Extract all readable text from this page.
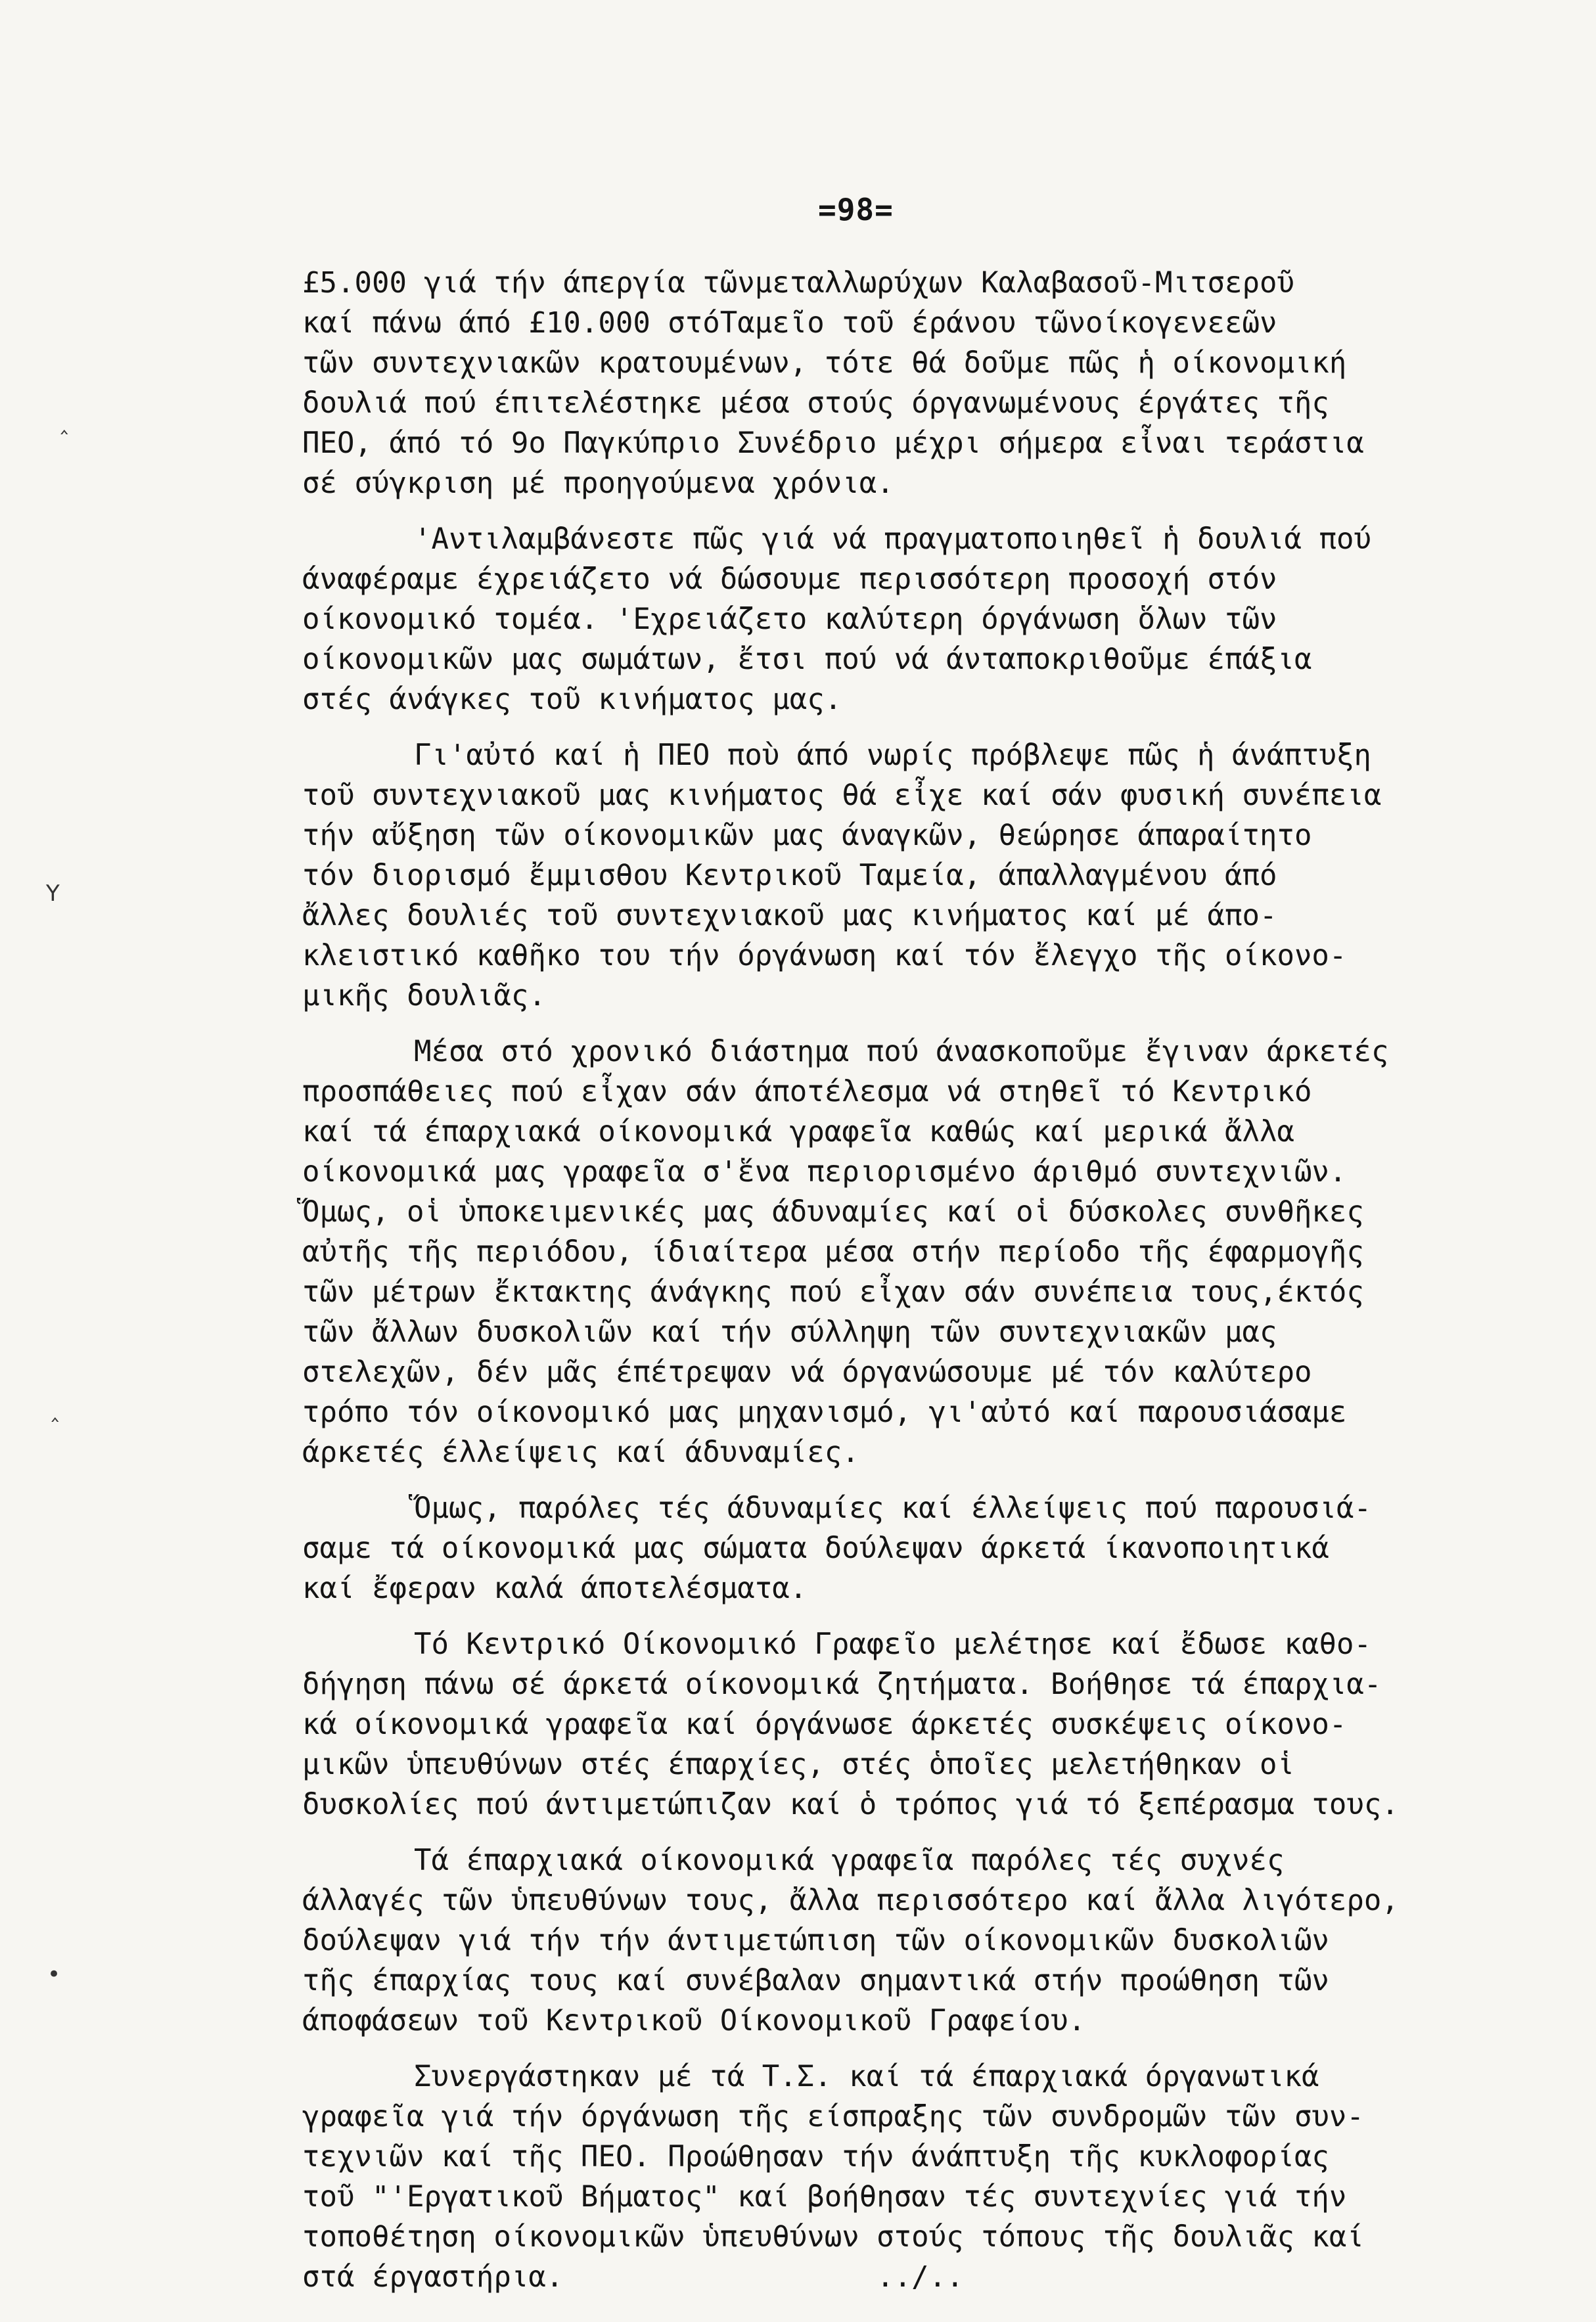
=98=
‸
Y
‸
•
£5.000 γιά τήν άπεργία τῶνμεταλλωρύχων Καλαβασοῦ-Μιτσεροῦ
καί πάνω άπό £10.000 στόΤαμεῖο τοῦ έράνου τῶνοίκογενεεῶν
τῶν συντεχνιακῶν κρατουμένων, τότε θά δοῦμε πῶς ἡ οίκονομική
δουλιά πού έπιτελέστηκε μέσα στούς όργανωμένους έργάτες τῆς
ΠΕΟ, άπό τό 9ο Παγκύπριο Συνέδριο μέχρι σήμερα εἶναι τεράστια
σέ σύγκριση μέ προηγούμενα χρόνια.
'Αντιλαμβάνεστε πῶς γιά νά πραγματοποιηθεῖ ἡ δουλιά πού
άναφέραμε έχρειάζετο νά δώσουμε περισσότερη προσοχή στόν
οίκονομικό τομέα. 'Εχρειάζετο καλύτερη όργάνωση ὅλων τῶν
οίκονομικῶν μας σωμάτων, ἔτσι πού νά άνταποκριθοῦμε έπάξια
στές άνάγκες τοῦ κινήματος μας.
Γι'αὐτό καί ἡ ΠΕΟ ποὺ άπό νωρίς πρόβλεψε πῶς ἡ άνάπτυξη
τοῦ συντεχνιακοῦ μας κινήματος θά εἶχε καί σάν φυσική συνέπεια
τήν αὔξηση τῶν οίκονομικῶν μας άναγκῶν, θεώρησε άπαραίτητο
τόν διορισμό ἔμμισθου Κεντρικοῦ Ταμεία, άπαλλαγμένου άπό
ἄλλες δουλιές τοῦ συντεχνιακοῦ μας κινήματος καί μέ άπο-
κλειστικό καθῆκο του τήν όργάνωση καί τόν ἔλεγχο τῆς οίκονο-
μικῆς δουλιᾶς.
Μέσα στό χρονικό διάστημα πού άνασκοποῦμε ἔγιναν άρκετές
προσπάθειες πού εἶχαν σάν άποτέλεσμα νά στηθεῖ τό Κεντρικό
καί τά έπαρχιακά οίκονομικά γραφεῖα καθώς καί μερικά ἄλλα
οίκονομικά μας γραφεῖα σ'ἕνα περιορισμένο άριθμό συντεχνιῶν.
Ὅμως, οἱ ὑποκειμενικές μας άδυναμίες καί οἱ δύσκολες συνθῆκες
αὐτῆς τῆς περιόδου, ίδιαίτερα μέσα στήν περίοδο τῆς έφαρμογῆς
τῶν μέτρων ἔκτακτης άνάγκης πού εἶχαν σάν συνέπεια τους,έκτός
τῶν ἄλλων δυσκολιῶν καί τήν σύλληψη τῶν συντεχνιακῶν μας
στελεχῶν, δέν μᾶς έπέτρεψαν νά όργανώσουμε μέ τόν καλύτερο
τρόπο τόν οίκονομικό μας μηχανισμό, γι'αὐτό καί παρουσιάσαμε
άρκετές έλλείψεις καί άδυναμίες.
Ὅμως, παρόλες τές άδυναμίες καί έλλείψεις πού παρουσιά-
σαμε τά οίκονομικά μας σώματα δούλεψαν άρκετά ίκανοποιητικά
καί ἔφεραν καλά άποτελέσματα.
Τό Κεντρικό Οίκονομικό Γραφεῖο μελέτησε καί ἔδωσε καθο-
δήγηση πάνω σέ άρκετά οίκονομικά ζητήματα. Βοήθησε τά έπαρχια-
κά οίκονομικά γραφεῖα καί όργάνωσε άρκετές συσκέψεις οίκονο-
μικῶν ὑπευθύνων στές έπαρχίες, στές ὁποῖες μελετήθηκαν οἱ
δυσκολίες πού άντιμετώπιζαν καί ὁ τρόπος γιά τό ξεπέρασμα τους.
Τά έπαρχιακά οίκονομικά γραφεῖα παρόλες τές συχνές
άλλαγές τῶν ὑπευθύνων τους, ἄλλα περισσότερο καί ἄλλα λιγότερο,
δούλεψαν γιά τήν τήν άντιμετώπιση τῶν οίκονομικῶν δυσκολιῶν
τῆς έπαρχίας τους καί συνέβαλαν σημαντικά στήν προώθηση τῶν
άποφάσεων τοῦ Κεντρικοῦ Οίκονομικοῦ Γραφείου.
Συνεργάστηκαν μέ τά Τ.Σ. καί τά έπαρχιακά όργανωτικά
γραφεῖα γιά τήν όργάνωση τῆς είσπραξης τῶν συνδρομῶν τῶν συν-
τεχνιῶν καί τῆς ΠΕΟ. Προώθησαν τήν άνάπτυξη τῆς κυκλοφορίας
τοῦ "'Εργατικοῦ Βήματος" καί βοήθησαν τές συντεχνίες γιά τήν
τοποθέτηση οίκονομικῶν ὑπευθύνων στούς τόπους τῆς δουλιᾶς καί
στά έργαστήρια.                  ../..
